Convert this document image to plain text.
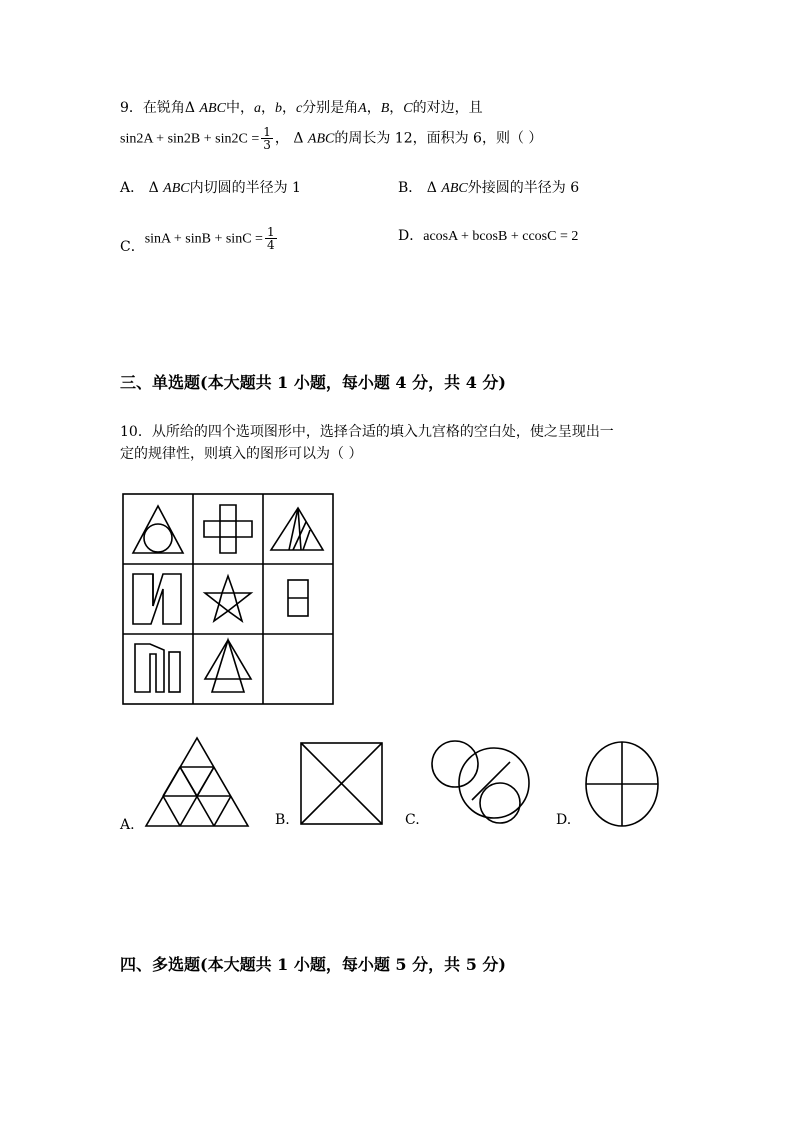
9．在锐角Δ ABC中，a，b，c分别是角A，B，C的对边，且
$\sin 2A + \sin 2B + \sin 2C = \frac{1}{3}$ ， Δ ABC的周长为 12，面积为 6，则（ ）
A． Δ ABC内切圆的半径为 1	B． Δ ABC外接圆的半径为 6
C．$\sin A + \sin B + \sin C = \frac{1}{4}$	D．acosA + bcosB + ccosC = 2
三、单选题(本大题共 1 小题，每小题 4 分，共 4 分)
10．从所给的四个选项图形中，选择合适的填入九宫格的空白处，使之呈现出一
定的规律性，则填入的图形可以为（ ）
A.	B.	C.	D.
四、多选题(本大题共 1 小题，每小题 5 分，共 5 分)
